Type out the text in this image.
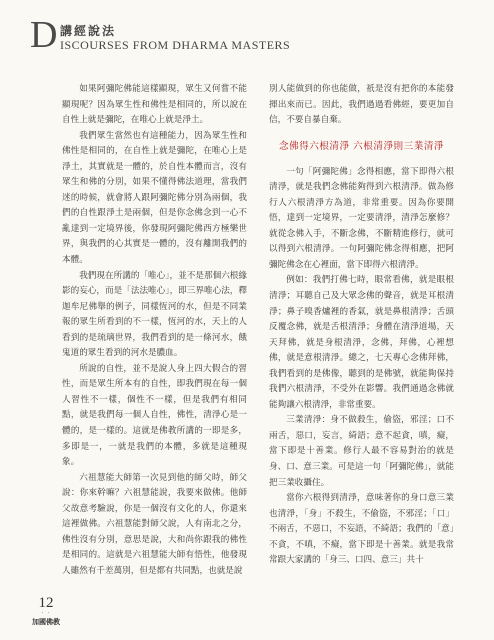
D 講經說法
ISCOURSES FROM DHARMA MASTERS

如果阿彌陀佛能這樣顯現，眾生又何嘗不能顯現呢？因為眾生性和佛性是相同的，所以說在自性上就是彌陀，在唯心上就是淨土。

我們眾生當然也有這種能力，因為眾生性和佛性是相同的，在自性上就是彌陀，在唯心上是淨土，其實就是一體的，於自性本體而言，沒有眾生和佛的分別，如果不懂得佛法道理，當我們迷的時候，就會將人跟阿彌陀佛分別為兩個，我們的自性跟淨土是兩個，但是你念佛念到一心不亂達到一定境界後，你發現阿彌陀佛西方極樂世界，與我們的心其實是一體的，沒有離開我們的本體。

我們現在所講的「唯心」，並不是那個六根緣影的妄心，而是「法法唯心」，即三界唯心法，釋迦牟尼佛舉的例子，同樣恆河的水，但是不同業報的眾生所看到的不一樣，恆河的水，天上的人看到的是琉璃世界，我們看到的是一條河水，餓鬼道的眾生看到的河水是膿血。

所說的自性，並不是說人身上四大假合的習性，而是眾生所本有的自性，即我們現在每一個人習性不一樣，個性不一樣，但是我們有相同點，就是我們每一個人自性，佛性，清淨心是一體的，是一樣的。這就是佛教所講的一即是多，多即是一，一就是我們的本體，多就是這種現象。

六祖慧能大師第一次見到他的師父時，師父說：你來幹嘛？六祖慧能說，我要來做佛。他師父故意考驗說，你是一個沒有文化的人，你還來這裡做佛。六祖慧能對師父說，人有南北之分，佛性沒有分別，意思是說，大和尚你跟我的佛性是相同的。這就是六祖慧能大師有悟性，他發現人雖然有千差萬別，但是都有共同點，也就是說

別人能做到的你也能做，祇是沒有把你的本能發揮出來而已。因此，我們過過看佛經，要更加自信，不要自暴自棄。

念佛得六根清淨 六根清淨則三業清淨

一句「阿彌陀佛」念得相應，當下即得六根清淨，就是我們念佛能夠得到六根清淨。做為修行人六根清淨方為道，非常重要。因為你要開悟，達到一定境界，一定要清淨，清淨怎麼修？就從念佛入手，不斷念佛，不斷精進修行，就可以得到六根清淨。一句阿彌陀佛念得相應，把阿彌陀佛念在心裡面，當下即得六根清淨。

例如：我們打佛七時，眼常看佛，就是眼根清淨；耳聽自己及大眾念佛的聲音，就是耳根清淨；鼻子嗅香爐裡的香氣，就是鼻根清淨；舌頭反覆念佛，就是舌根清淨；身體在清淨道場，天天拜佛，就是身根清淨，念佛，拜佛，心裡想佛，就是意根清淨。總之，七天專心念佛拜佛，我們看到的是佛像，聽到的是佛號，就能夠保持我們六根清淨，不受外在影響。我們通過念佛就能夠讓六根清淨，非常重要。

三業清淨：身不做殺生，偷盜，邪淫；口不兩舌，惡口，妄言，綺語；意不起貪，嗔，癡，當下即是十善業。修行人最不容易對治的就是身、口、意三業。可是這一句「阿彌陀佛」，就能把三業收攝住。

當你六根得到清淨，意味著你的身口意三業也清淨，「身」不殺生，不偷盜，不邪淫；「口」不兩舌，不惡口，不妄語，不綺語；我們的「意」不貪，不嗔，不癡，當下即是十善業。就是我常常跟大家講的「身三、口四、意三」共十

12
· ·
加國佛教
